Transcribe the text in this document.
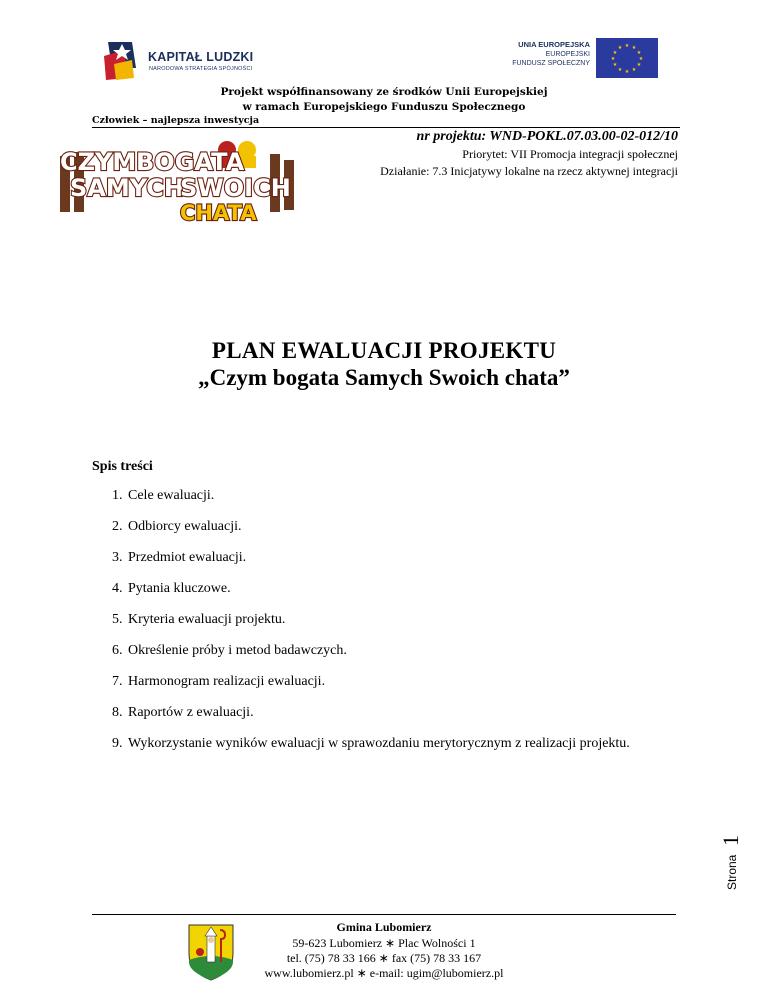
KAPITAŁ LUDZKI
NARODOWA STRATEGIA SPÓJNOŚCI
UNIA EUROPEJSKA
EUROPEJSKI
FUNDUSZ SPOŁECZNY
★ ★
★
★
★
★
★
★
★
★
★
★
Projekt współfinansowany ze środków Unii Europejskiej
w ramach Europejskiego Funduszu Społecznego
Człowiek – najlepsza inwestycja
nr projektu: WND-POKL.07.03.00-02-012/10
Priorytet: VII Promocja integracji społecznej
Działanie: 7.3 Inicjatywy lokalne na rzecz aktywnej integracji
CZYM BOGATA
SAMYCH
SWOICH
CHATA
PLAN EWALUACJI PROJEKTU
„Czym bogata Samych Swoich chata”
Spis treści
1. Cele ewaluacji.
2. Odbiorcy ewaluacji.
3. Przedmiot ewaluacji.
4. Pytania kluczowe.
5. Kryteria ewaluacji projektu.
6. Określenie próby i metod badawczych.
7. Harmonogram realizacji ewaluacji.
8. Raportów z ewaluacji.
9. Wykorzystanie wyników ewaluacji w sprawozdaniu merytorycznym z realizacji projektu.
Strona
1
Gmina Lubomierz
59-623 Lubomierz ∗ Plac Wolności 1
tel. (75) 78 33 166 ∗ fax (75) 78 33 167
www.lubomierz.pl ∗ e-mail: ugim@lubomierz.pl
